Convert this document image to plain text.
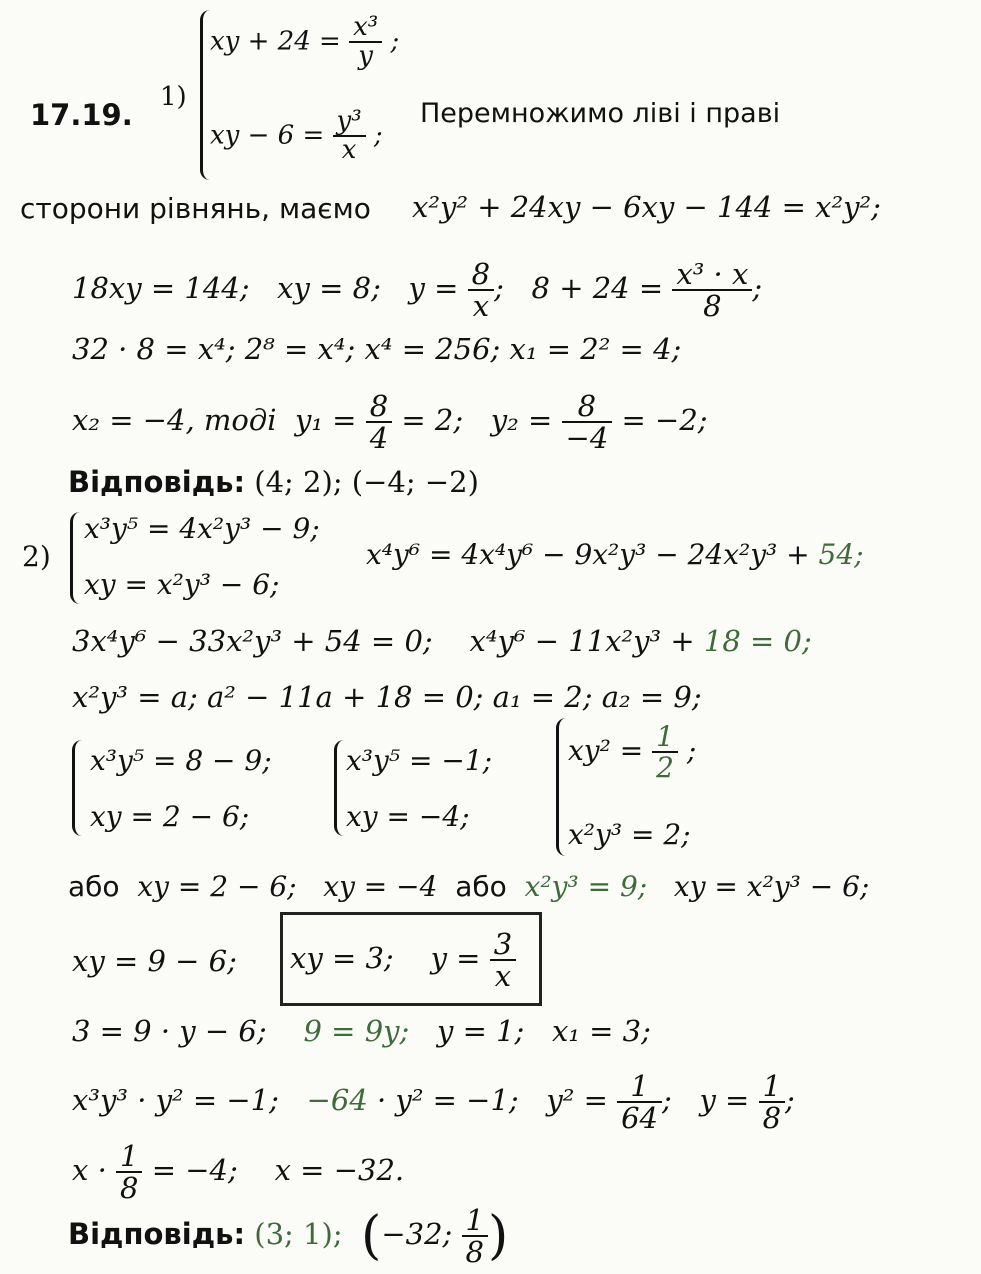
17.19.
1)
xy + $24 = \frac{\text{x³}}{y}$ ;
xy − $6 = \frac{\text{y³}}{x}$ ;
Перемножимо ліві і праві
сторони рівнянь, маємо x²y² + 24xy − 6xy − 144 = x²y²;
18xy = 144; xy = 8; $y = \frac{8}{x}$ ; $8 + 24 = \frac{\text{x³ · x}}{8}$ ;
32 · 8 = x⁴; 2⁸ = x⁴; x⁴ = 256; x₁ = 2² = 4;
x₂ = −4, тоді $y_1 = \frac{8}{4} = 2$; $y_2 = \frac{8}{-4} = -2$;
Відповідь: (4; 2); (−4; −2)
2)
x³y⁵ = 4x²y³ − 9;
xy = x²y³ − 6;
x⁴y⁶ = 4x⁴y⁶ − 9x²y³ − 24x²y³ + 54;
3x⁴y⁶ − 33x²y³ + 54 = 0; x⁴y⁶ − 11x²y³ + 18 = 0;
x²y³ = a; a² − 11a + 18 = 0; a₁ = 2; a₂ = 9;
x³y⁵ = 8 − 9;
xy = 2 − 6;
x³y⁵ = −1;
xy = −4;
$xy^2 = \frac{1}{2}$ ;
x²y³ = 2;
або xy = 2 − 6; xy = −4 або x²y³ = 9; xy = x²y³ − 6;
xy = 9 − 6; xy = 3; $y = \frac{3}{x}$
3 = 9 · y − 6; 9 = 9y; y = 1; x₁ = 3;
x³y³ · y² = −1; −64 · y² = −1; $y^2 = \frac{1}{64}$ ; $y = \frac{1}{8}$ ;
$x \cdot \frac{1}{8} = -4$; x = −32.
Відповідь: (3; 1); (−32; $\frac{1}{8}$ )
